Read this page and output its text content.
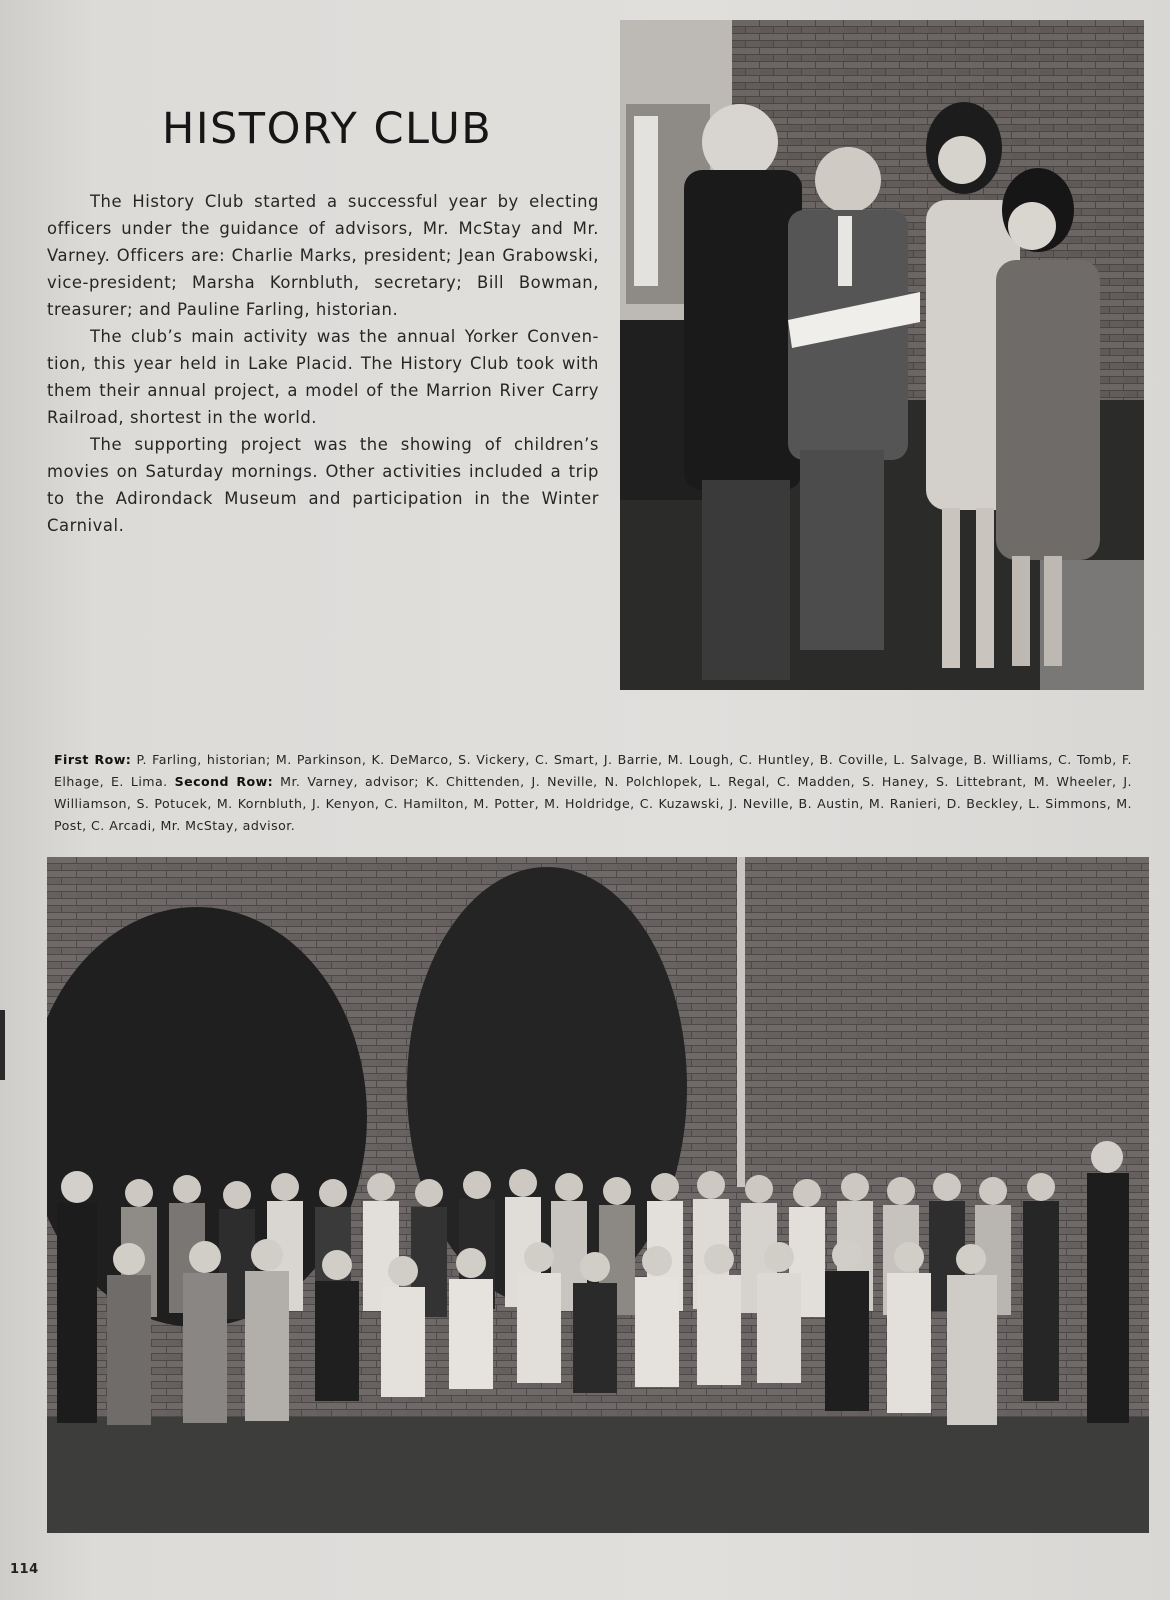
HISTORY CLUB

The History Club started a successful year by electing officers under the guidance of advisors, Mr. McStay and Mr. Varney. Officers are: Charlie Marks, president; Jean Grabowski, vice-president; Marsha Kornbluth, secretary; Bill Bowman, treasurer; and Pauline Farling, historian.

The club’s main activity was the annual Yorker Conven- tion, this year held in Lake Placid. The History Club took with them their annual project, a model of the Marrion River Carry Railroad, shortest in the world.

The supporting project was the showing of children’s movies on Saturday mornings. Other activities included a trip to the Adirondack Museum and participation in the Winter Carnival.

First Row: P. Farling, historian; M. Parkinson, K. DeMarco, S. Vickery, C. Smart, J. Barrie, M. Lough, C. Huntley, B. Coville, L. Salvage, B. Williams, C. Tomb, F. Elhage, E. Lima. Second Row: Mr. Varney, advisor; K. Chittenden, J. Neville, N. Polchlopek, L. Regal, C. Madden, S. Haney, S. Littebrant, M. Wheeler, J. Williamson, S. Potucek, M. Kornbluth, J. Kenyon, C. Hamilton, M. Potter, M. Holdridge, C. Kuzawski, J. Neville, B. Austin, M. Ranieri, D. Beckley, L. Simmons, M. Post, C. Arcadi, Mr. McStay, advisor.
114
